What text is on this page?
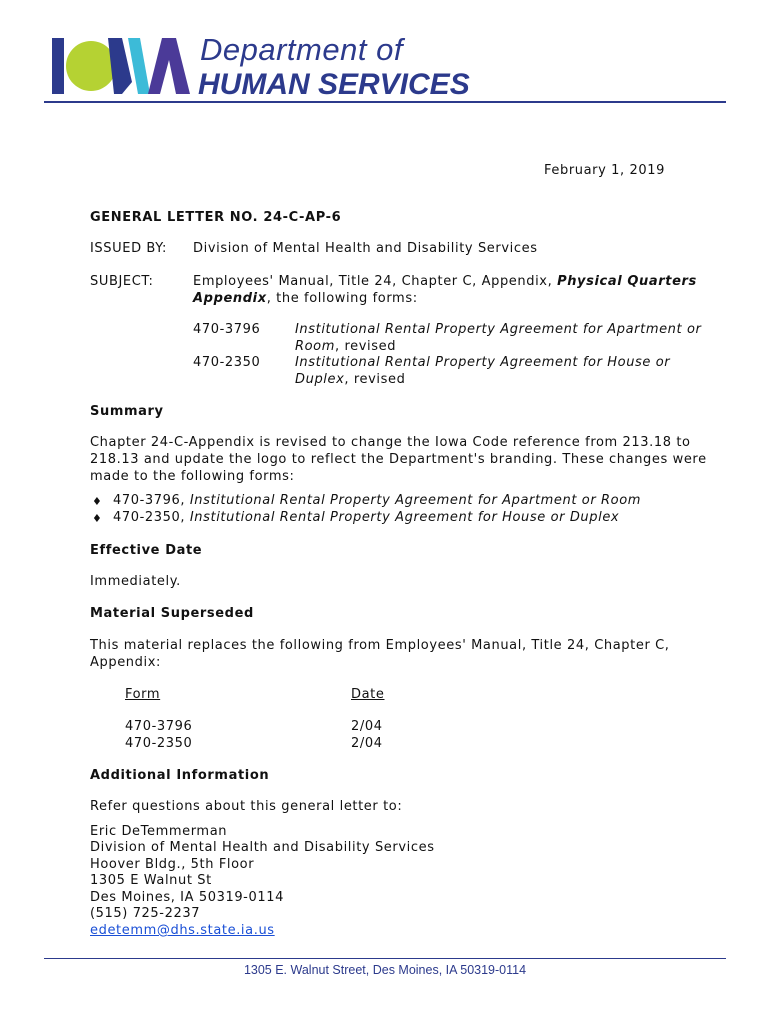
Department of
HUMAN SERVICES
February 1, 2019
GENERAL LETTER NO. 24-C-AP-6
ISSUED BY: Division of Mental Health and Disability Services
SUBJECT:	Employees' Manual, Title 24, Chapter C, Appendix, Physical Quarters
Appendix, the following forms:
470-3796	Institutional Rental Property Agreement for Apartment or
Room, revised
470-2350	Institutional Rental Property Agreement for House or
Duplex, revised
Summary
Chapter 24-C-Appendix is revised to change the Iowa Code reference from 213.18 to
218.13 and update the logo to reflect the Department's branding. These changes were
made to the following forms:
♦ 470-3796, Institutional Rental Property Agreement for Apartment or Room
♦ 470-2350, Institutional Rental Property Agreement for House or Duplex
Effective Date
Immediately.
Material Superseded
This material replaces the following from Employees' Manual, Title 24, Chapter C,
Appendix:
Form	Date
470-3796	2/04
470-2350	2/04
Additional Information
Refer questions about this general letter to:
Eric DeTemmerman
Division of Mental Health and Disability Services
Hoover Bldg., 5th Floor
1305 E Walnut St
Des Moines, IA 50319-0114
(515) 725-2237
edetemm@dhs.state.ia.us
1305 E. Walnut Street, Des Moines, IA 50319-0114
